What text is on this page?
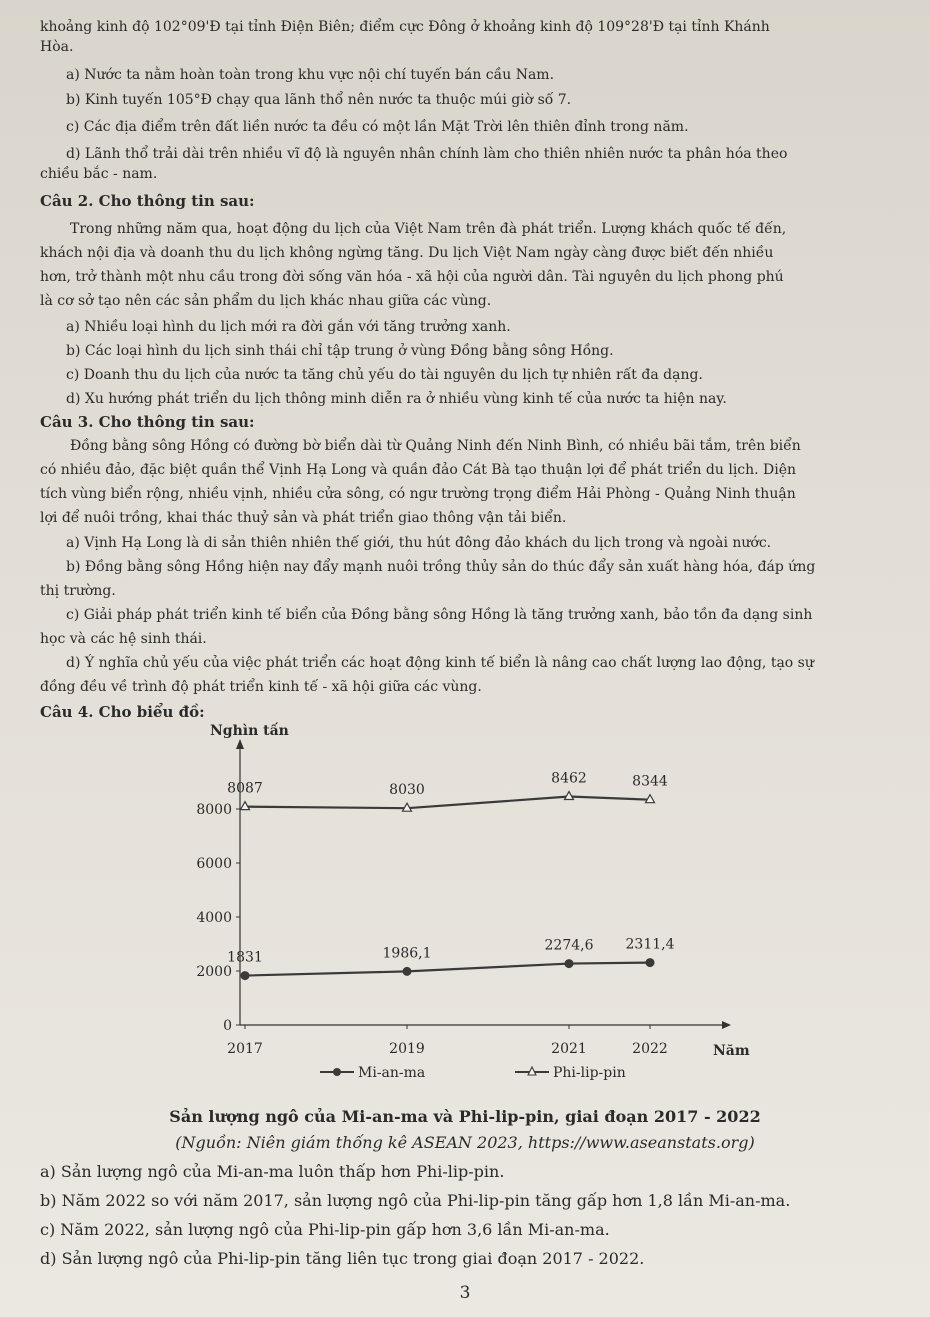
khoảng kinh độ 102°09'Đ tại tỉnh Điện Biên; điểm cực Đông ở khoảng kinh độ 109°28'Đ tại tỉnh Khánh
Hòa.
a) Nước ta nằm hoàn toàn trong khu vực nội chí tuyến bán cầu Nam.
b) Kinh tuyến 105°Đ chạy qua lãnh thổ nên nước ta thuộc múi giờ số 7.
c) Các địa điểm trên đất liền nước ta đều có một lần Mặt Trời lên thiên đỉnh trong năm.
d) Lãnh thổ trải dài trên nhiều vĩ độ là nguyên nhân chính làm cho thiên nhiên nước ta phân hóa theo
chiều bắc - nam.
Câu 2. Cho thông tin sau:
Trong những năm qua, hoạt động du lịch của Việt Nam trên đà phát triển. Lượng khách quốc tế đến,
khách nội địa và doanh thu du lịch không ngừng tăng. Du lịch Việt Nam ngày càng được biết đến nhiều
hơn, trở thành một nhu cầu trong đời sống văn hóa - xã hội của người dân. Tài nguyên du lịch phong phú
là cơ sở tạo nên các sản phẩm du lịch khác nhau giữa các vùng.
a) Nhiều loại hình du lịch mới ra đời gắn với tăng trưởng xanh.
b) Các loại hình du lịch sinh thái chỉ tập trung ở vùng Đồng bằng sông Hồng.
c) Doanh thu du lịch của nước ta tăng chủ yếu do tài nguyên du lịch tự nhiên rất đa dạng.
d) Xu hướng phát triển du lịch thông minh diễn ra ở nhiều vùng kinh tế của nước ta hiện nay.
Câu 3. Cho thông tin sau:
Đồng bằng sông Hồng có đường bờ biển dài từ Quảng Ninh đến Ninh Bình, có nhiều bãi tắm, trên biển
có nhiều đảo, đặc biệt quần thể Vịnh Hạ Long và quần đảo Cát Bà tạo thuận lợi để phát triển du lịch. Diện
tích vùng biển rộng, nhiều vịnh, nhiều cửa sông, có ngư trường trọng điểm Hải Phòng - Quảng Ninh thuận
lợi để nuôi trồng, khai thác thuỷ sản và phát triển giao thông vận tải biển.
a) Vịnh Hạ Long là di sản thiên nhiên thế giới, thu hút đông đảo khách du lịch trong và ngoài nước.
b) Đồng bằng sông Hồng hiện nay đẩy mạnh nuôi trồng thủy sản do thúc đẩy sản xuất hàng hóa, đáp ứng
thị trường.
c) Giải pháp phát triển kinh tế biển của Đồng bằng sông Hồng là tăng trưởng xanh, bảo tồn đa dạng sinh
học và các hệ sinh thái.
d) Ý nghĩa chủ yếu của việc phát triển các hoạt động kinh tế biển là nâng cao chất lượng lao động, tạo sự
đồng đều về trình độ phát triển kinh tế - xã hội giữa các vùng.
Câu 4. Cho biểu đồ:
Nghìn tấn
Năm
0
2000
4000
6000
8000
2017	2019	2021	2022
1831	1986,1	2274,6 2311,4
8087	8030
8462	8344
Mi-an-ma	Phi-lip-pin
Sản lượng ngô của Mi-an-ma và Phi-lip-pin, giai đoạn 2017 - 2022
(Nguồn: Niên giám thống kê ASEAN 2023, https://www.aseanstats.org)
a) Sản lượng ngô của Mi-an-ma luôn thấp hơn Phi-lip-pin.
b) Năm 2022 so với năm 2017, sản lượng ngô của Phi-lip-pin tăng gấp hơn 1,8 lần Mi-an-ma.
c) Năm 2022, sản lượng ngô của Phi-lip-pin gấp hơn 3,6 lần Mi-an-ma.
d) Sản lượng ngô của Phi-lip-pin tăng liên tục trong giai đoạn 2017 - 2022.
3
